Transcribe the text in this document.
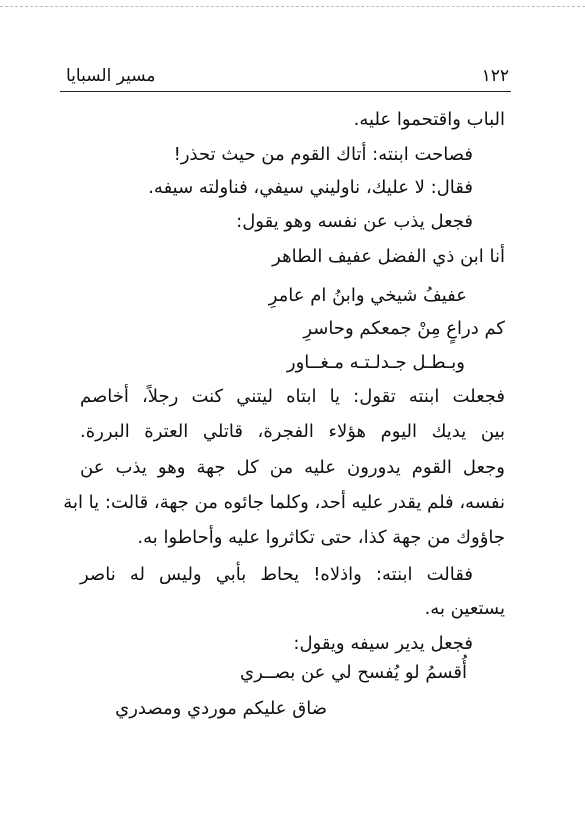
مسير السبايا	١٢٢
الباب واقتحموا عليه.
فصاحت ابنته: أتاك القوم من حيث تحذر!
فقال: لا عليك، ناوليني سيفي، فناولته سيفه.
فجعل يذب عن نفسه وهو يقول:
أنا ابن ذي الفضل عفيف الطاهر
عفيفُ شيخي وابنُ ام عامرِ
كم دراعٍ مِنْ جمعكم وحاسرِ
وبـطـل جـدلـتـه مـغــاور
فجعلت ابنته تقول: يا ابتاه ليتني كنت رجلاً، أخاصم
بين يديك اليوم هؤلاء الفجرة، قاتلي العترة البررة.
وجعل القوم يدورون عليه من كل جهة وهو يذب عن
نفسه، فلم يقدر عليه أحد، وكلما جائوه من جهة، قالت: يا ابة
جاؤوك من جهة كذا، حتى تكاثروا عليه وأحاطوا به.
فقالت ابنته: واذلاه! يحاط بأبي وليس له ناصر
يستعين به.
فجعل يدير سيفه ويقول:
أُقسمُ لو يُفسح لي عن بصــري
ضاق عليكم موردي ومصدري
